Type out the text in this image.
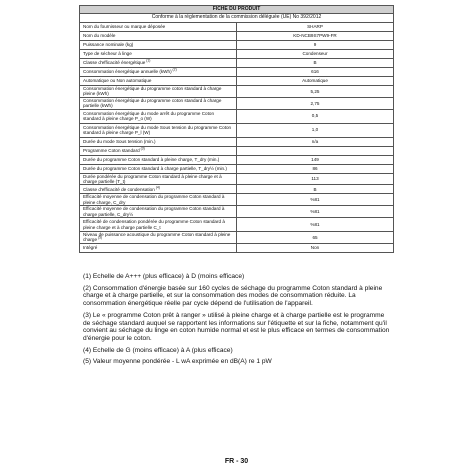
FICHE DU PRODUIT	
Conforme à la réglementation de la commission déléguée (UE) No 392/2012	
Nom du fournisseur ou marque déposée	SHARP
Nom du modèle	KD-NCB9S7PW9-FR
Puissance nominale (kg)	9
Type de sécheur à linge	Condenseur
Classe d'efficacité énergétique $^{(1)}$	B
Consommation énergétique annuelle (kWh) $^{(2)}$	616
Automatique ou Non automatique	Automatique
Consommation énergétique du programme coton standard à charge pleine (kWh)	5,25
Consommation énergétique du programme coton standard à charge partielle (kWh)	2,75
Consommation énergétique du mode arrêt du programme Coton standard à pleine charge P_o (W)	0,5
Consommation énergétique du mode Sous tension du programme Coton standard à pleine charge P_l (W)	1,0
Durée du mode Sous tension (min.)	n/a
Programme Coton standard $^{(3)}$	
Durée du programme Coton standard à pleine charge, T_dry (min.)	149
Durée du programme Coton standard à charge partielle, T_dry½ (min.)	86
Durée pondérée du programme Coton standard à pleine charge et à charge partielle (T_t)	113
Classe d'efficacité de condensation $^{(4)}$	B
Efficacité moyenne de condensation du programme Coton standard à pleine charge, C_dry	%81
Efficacité moyenne de condensation du programme Coton standard à charge partielle, C_dry½	%81
Efficacité de condensation pondérée du programme Coton standard à pleine charge et à charge partielle C_t	%81
Niveau de puissance acoustique du programme Coton standard à pleine charge $^{(5)}$	65
Intégré	Non

(1) Echelle de A+++ (plus efficace) à D (moins efficace)

(2) Consommation d'énergie basée sur 160 cycles de séchage du programme Coton standard à pleine charge et à charge partielle, et sur la consommation des modes de consommation réduite. La consommation énergétique réelle par cycle dépend de l'utilisation de l'appareil.

(3) Le « programme Coton prêt à ranger » utilisé à pleine charge et à charge partielle est le programme de séchage standard auquel se rapportent les informations sur l'étiquette et sur la fiche, notamment qu'il convient au séchage du linge en coton humide normal et est le plus efficace en termes de consommation d'énergie pour le coton.

(4) Echelle de G (moins efficace) à A (plus efficace)

(5) Valeur moyenne pondérée - L wA exprimée en dB(A) re 1 pW

FR - 30
